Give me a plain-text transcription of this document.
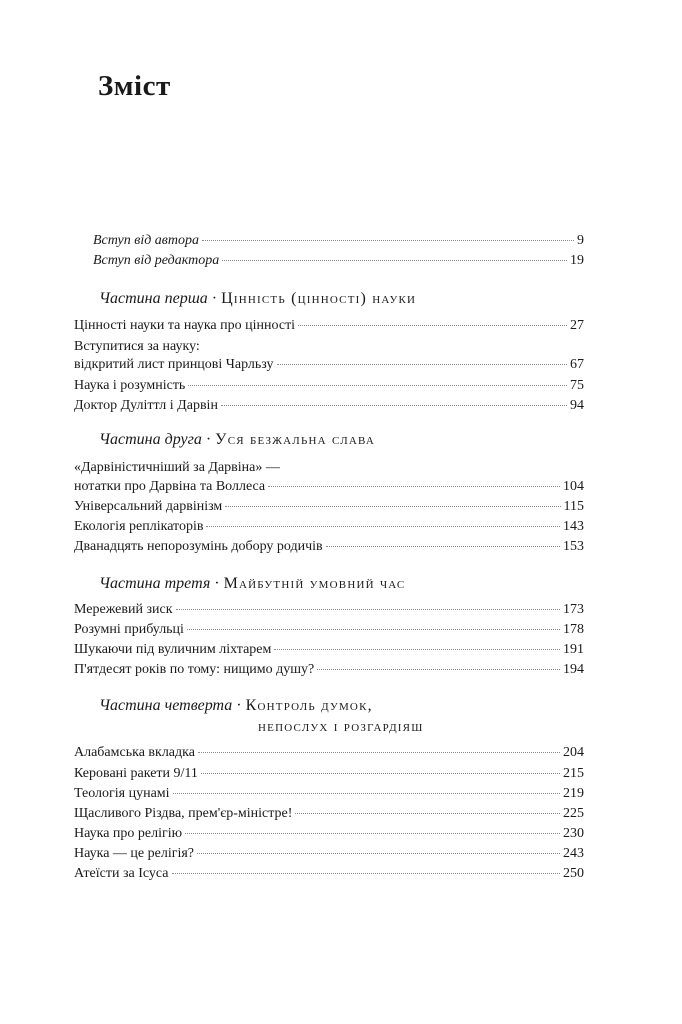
Зміст
Вступ від автора	9
Вступ від редактора	19
Частина перша · Цінність (цінності) науки
Цінності науки та наука про цінності	27
Вступитися за науку:
відкритий лист принцові Чарльзу	67
Наука і розумність	75
Доктор Дуліттл і Дарвін	94
Частина друга · Уся безжальна слава
«Дарвіністичніший за Дарвіна» —
нотатки про Дарвіна та Воллеса	104
Універсальний дарвінізм	115
Екологія реплікаторів	143
Дванадцять непорозумінь добору родичів	153
Частина третя · Майбутній умовний час
Мережевий зиск	173
Розумні прибульці	178
Шукаючи під вуличним ліхтарем	191
П'ятдесят років по тому: нищимо душу?	194
Частина четверта · Контроль думок,
непослух і розгардіяш
Алабамська вкладка	204
Керовані ракети 9/11	215
Теологія цунамі	219
Щасливого Різдва, прем'єр-міністре!	225
Наука про релігію	230
Наука — це релігія?	243
Атеїсти за Ісуса	250
